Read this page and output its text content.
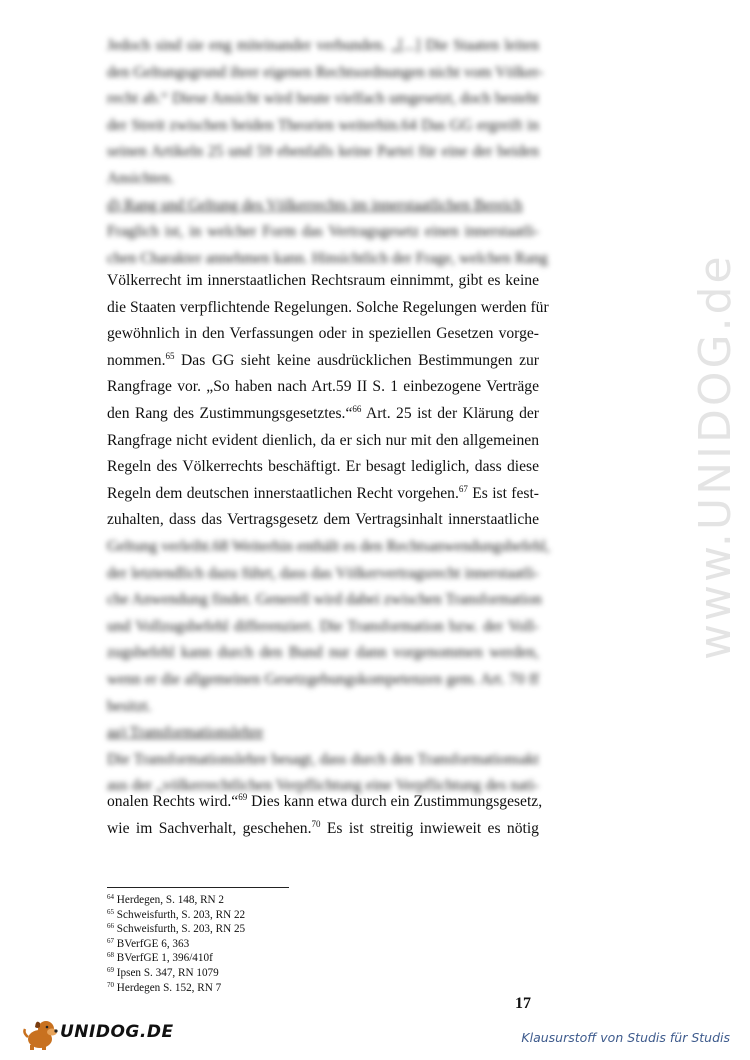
www.UNIDOG.de
Jedoch sind sie eng miteinander verbunden. „[...] Die Staaten leiten
den Geltungsgrund ihrer eigenen Rechtsordnungen nicht vom Völker-
recht ab.“ Diese Ansicht wird heute vielfach umgesetzt, doch besteht
der Streit zwischen beiden Theorien weiterhin.64 Das GG ergreift in
seinen Artikeln 25 und 59 ebenfalls keine Partei für eine der beiden
Ansichten.
d) Rang und Geltung des Völkerrechts im innerstaatlichen Bereich
Fraglich ist, in welcher Form das Vertragsgesetz einen innerstaatli-
chen Charakter annehmen kann. Hinsichtlich der Frage, welchen Rang
Völkerrecht im innerstaatlichen Rechtsraum einnimmt, gibt es keine
die Staaten verpflichtende Regelungen. Solche Regelungen werden für
gewöhnlich in den Verfassungen oder in speziellen Gesetzen vorge-
nommen.$^{65}$ Das GG sieht keine ausdrücklichen Bestimmungen zur
Rangfrage vor. „So haben nach Art.59 II S. 1 einbezogene Verträge
den Rang des Zustimmungsgesetztes.“$^{66}$ Art. 25 ist der Klärung der
Rangfrage nicht evident dienlich, da er sich nur mit den allgemeinen
Regeln des Völkerrechts beschäftigt. Er besagt lediglich, dass diese
Regeln dem deutschen innerstaatlichen Recht vorgehen.$^{67}$ Es ist fest-
zuhalten, dass das Vertragsgesetz dem Vertragsinhalt innerstaatliche
Geltung verleiht.68 Weiterhin enthält es den Rechtsanwendungsbefehl,
der letztendlich dazu führt, dass das Völkervertragsrecht innerstaatli-
che Anwendung findet. Generell wird dabei zwischen Transformation
und Vollzugsbefehl differenziert. Die Transformation bzw. der Voll-
zugsbefehl kann durch den Bund nur dann vorgenommen werden,
wenn er die allgemeinen Gesetzgebungskompetenzen gem. Art. 70 ff
besitzt.
aa) Transformationslehre
Die Transformationslehre besagt, dass durch den Transformationsakt
aus der „völkerrechtlichen Verpflichtung eine Verpflichtung des nati-
onalen Rechts wird.“$^{69}$ Dies kann etwa durch ein Zustimmungsgesetz,
wie im Sachverhalt, geschehen.$^{70}$ Es ist streitig inwieweit es nötig
$^{64}$ Herdegen, S. 148, RN 2
$^{65}$ Schweisfurth, S. 203, RN 22
$^{66}$ Schweisfurth, S. 203, RN 25
$^{67}$ BVerfGE 6, 363
$^{68}$ BVerfGE 1, 396/410f
$^{69}$ Ipsen S. 347, RN 1079
$^{70}$ Herdegen S. 152, RN 7
17
UNIDOG.DE	Klausurstoff von Studis für Studis
